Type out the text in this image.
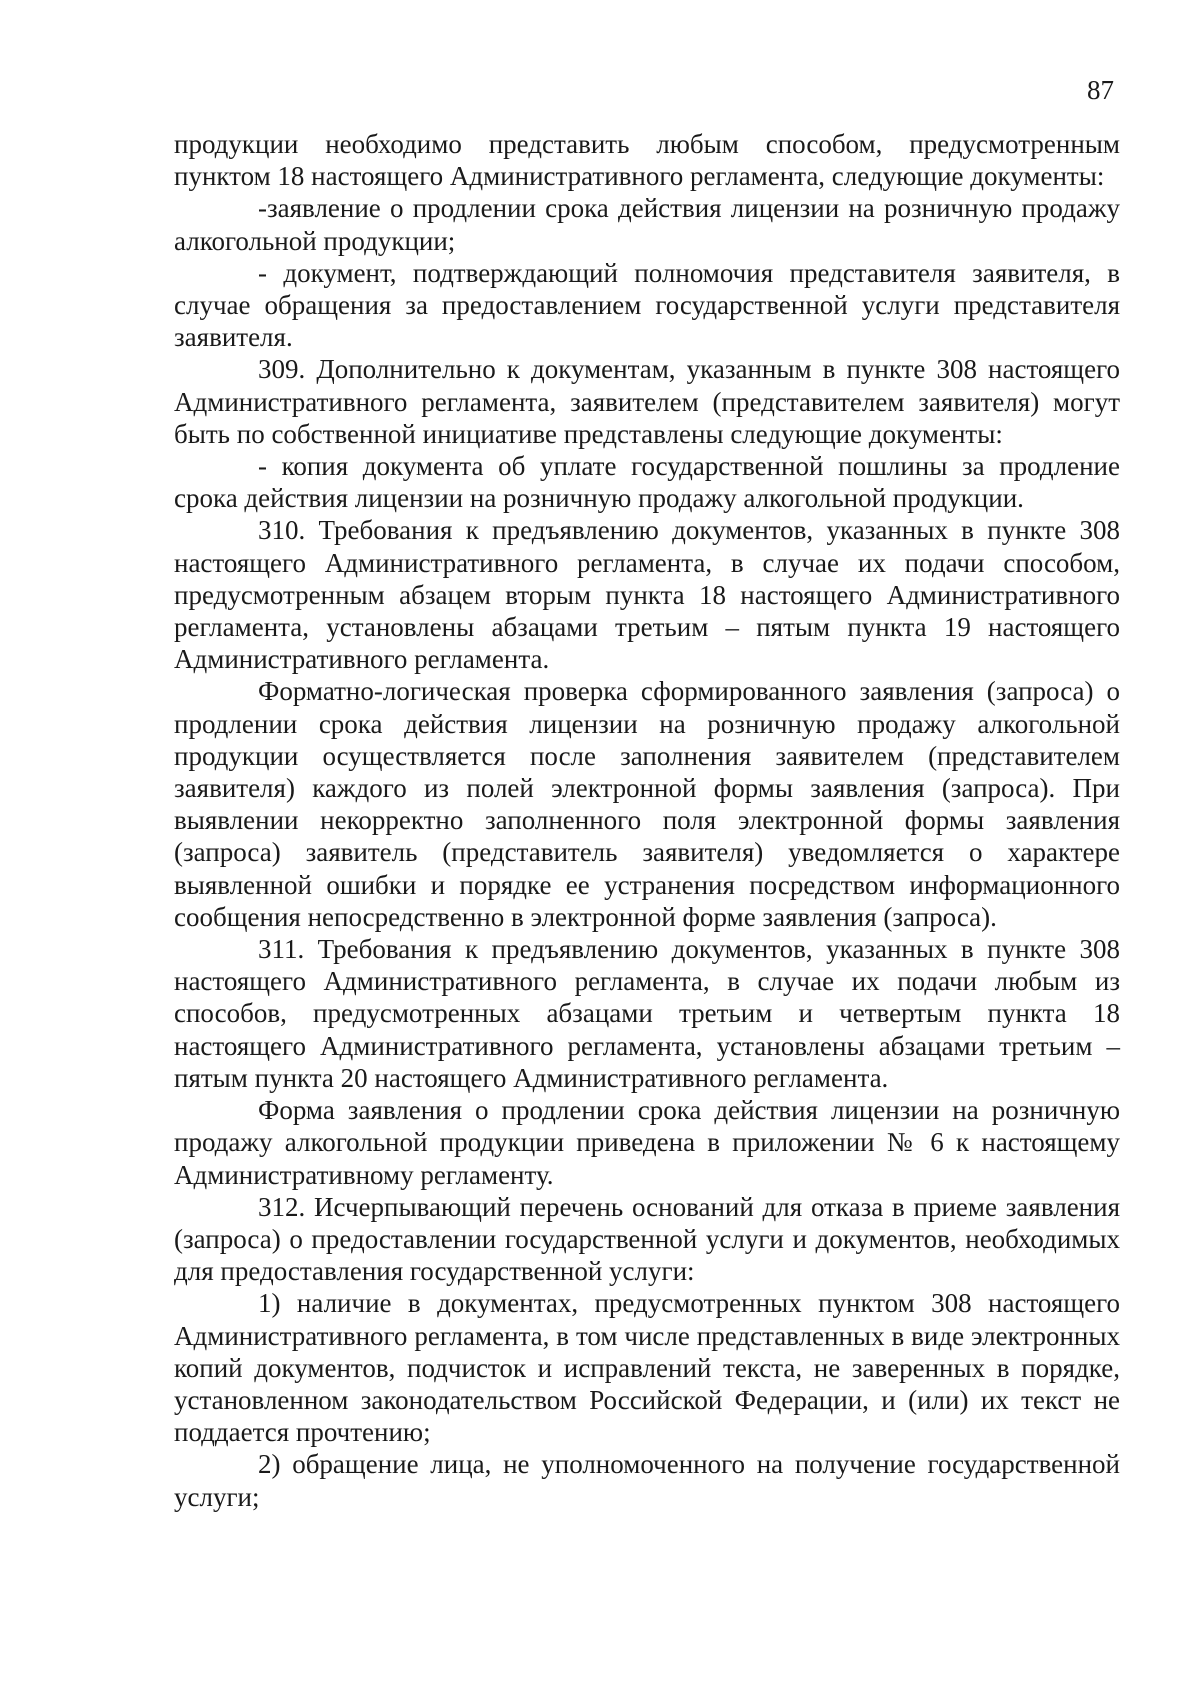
87

продукции необходимо представить любым способом, предусмотренным пунктом 18 настоящего Административного регламента, следующие документы:

-заявление о продлении срока действия лицензии на розничную продажу алкогольной продукции;

- документ, подтверждающий полномочия представителя заявителя, в случае обращения за предоставлением государственной услуги представителя заявителя.

309. Дополнительно к документам, указанным в пункте 308 настоящего Административного регламента, заявителем (представителем заявителя) могут быть по собственной инициативе представлены следующие документы:

- копия документа об уплате государственной пошлины за продление срока действия лицензии на розничную продажу алкогольной продукции.

310. Требования к предъявлению документов, указанных в пункте 308 настоящего Административного регламента, в случае их подачи способом, предусмотренным абзацем вторым пункта 18 настоящего Административного регламента, установлены абзацами третьим – пятым пункта 19 настоящего Административного регламента.

Форматно-логическая проверка сформированного заявления (запроса) о продлении срока действия лицензии на розничную продажу алкогольной продукции осуществляется после заполнения заявителем (представителем заявителя) каждого из полей электронной формы заявления (запроса). При выявлении некорректно заполненного поля электронной формы заявления (запроса) заявитель (представитель заявителя) уведомляется о характере выявленной ошибки и порядке ее устранения посредством информационного сообщения непосредственно в электронной форме заявления (запроса).

311. Требования к предъявлению документов, указанных в пункте 308 настоящего Административного регламента, в случае их подачи любым из способов, предусмотренных абзацами третьим и четвертым пункта 18 настоящего Административного регламента, установлены абзацами третьим – пятым пункта 20 настоящего Административного регламента.

Форма заявления о продлении срока действия лицензии на розничную продажу алкогольной продукции приведена в приложении № 6 к настоящему Административному регламенту.

312. Исчерпывающий перечень оснований для отказа в приеме заявления (запроса) о предоставлении государственной услуги и документов, необходимых для предоставления государственной услуги:

1) наличие в документах, предусмотренных пунктом 308 настоящего Административного регламента, в том числе представленных в виде электронных копий документов, подчисток и исправлений текста, не заверенных в порядке, установленном законодательством Российской Федерации, и (или) их текст не поддается прочтению;

2) обращение лица, не уполномоченного на получение государственной услуги;
